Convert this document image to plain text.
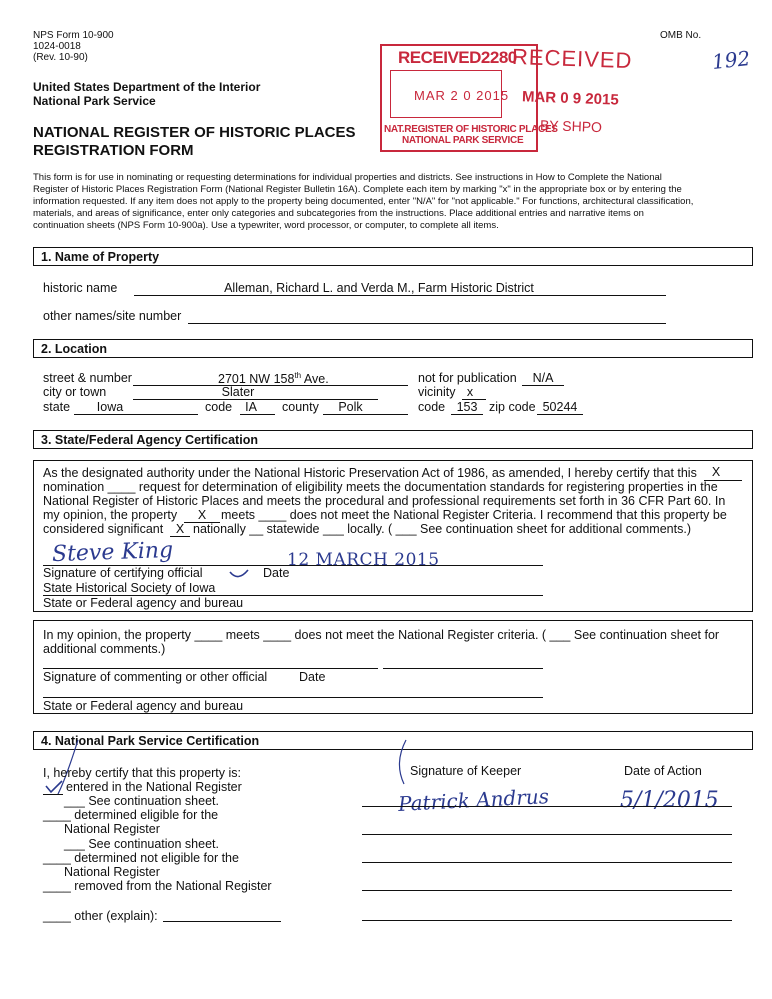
NPS Form 10-900
1024-0018
(Rev. 10-90)
OMB No.
192
United States Department of the Interior
National Park Service
NATIONAL REGISTER OF HISTORIC PLACES
REGISTRATION FORM
RECEIVED2280
RECEIVED
MAR 2 0 2015 MAR 0 9 2015
NAT.REGISTER OF HISTORIC PLACES
NATIONAL PARK SERVICE
BY SHPO
This form is for use in nominating or requesting determinations for individual properties and districts. See instructions in How to Complete the National
Register of Historic Places Registration Form (National Register Bulletin 16A). Complete each item by marking "x" in the appropriate box or by entering the
information requested. If any item does not apply to the property being documented, enter "N/A" for "not applicable." For functions, architectural classification,
materials, and areas of significance, enter only categories and subcategories from the instructions. Place additional entries and narrative items on
continuation sheets (NPS Form 10-900a). Use a typewriter, word processor, or computer, to complete all items.
1. Name of Property
historic name	Alleman, Richard L. and Verda M., Farm Historic District
other names/site number
2. Location
street & number	2701 NW 158th Ave.	not for publication	N/A
city or town	Slater	vicinity x
state	Iowa	code	IA	county	Polk	code 153 zip code 50244
3. State/Federal Agency Certification
As the designated authority under the National Historic Preservation Act of 1986, as amended, I hereby certify that this	X
nomination ____ request for determination of eligibility meets the documentation standards for registering properties in the
National Register of Historic Places and meets the procedural and professional requirements set forth in 36 CFR Part 60. In
my opinion, the property	X	meets ____ does not meet the National Register Criteria. I recommend that this property be
considered significant	X nationally __ statewide ___ locally. ( ___ See continuation sheet for additional comments.)
Steve King	12 MARCH 2015
Signature of certifying official	Date
State Historical Society of Iowa
State or Federal agency and bureau
In my opinion, the property ____ meets ____ does not meet the National Register criteria. ( ___ See continuation sheet for
additional comments.)
Signature of commenting or other official	Date
State or Federal agency and bureau
4. National Park Service Certification
I, hereby certify that this property is:
entered in the National Register
___ See continuation sheet.
____ determined eligible for the
National Register
___ See continuation sheet.
____ determined not eligible for the
National Register
____ removed from the National Register
____ other (explain):
Signature of Keeper	Date of Action
Patrick Andrus	5/1/2015
